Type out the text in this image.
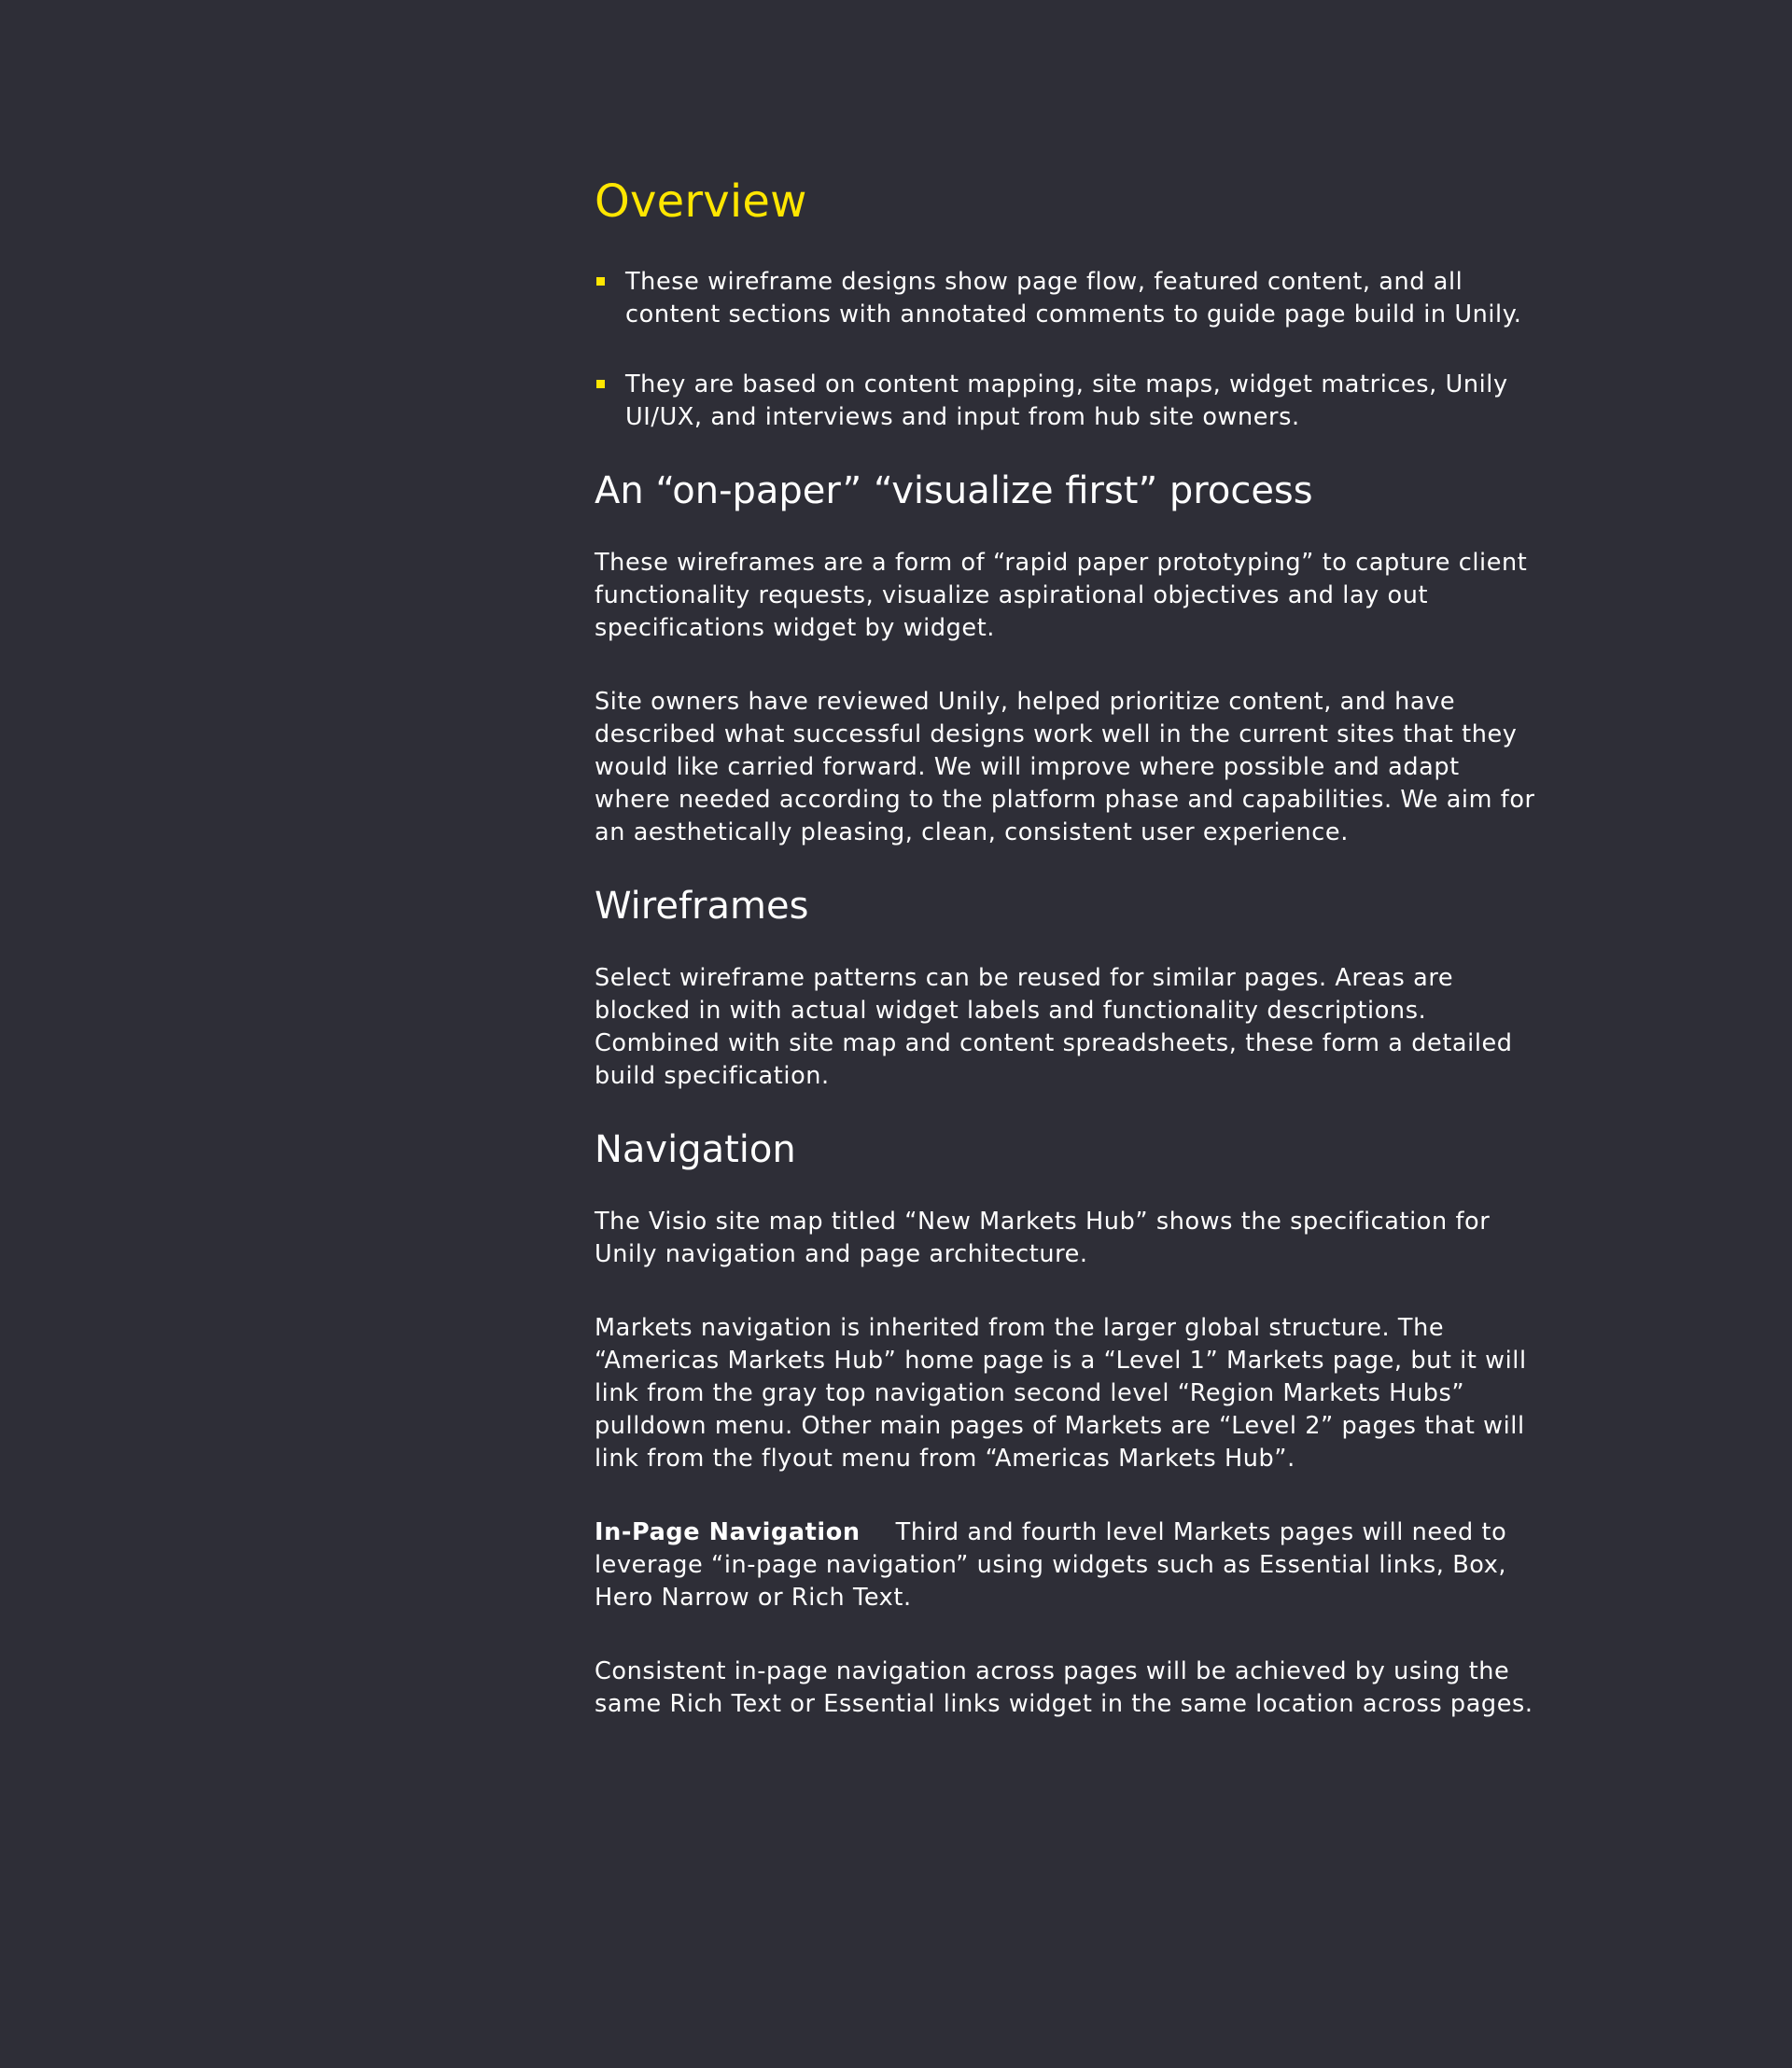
Overview
These wireframe designs show page flow, featured content, and all content sections with annotated comments to guide page build in Unily.
They are based on content mapping, site maps, widget matrices, Unily UI/UX, and interviews and input from hub site owners.
An “on-paper” “visualize first” process

These wireframes are a form of “rapid paper prototyping” to capture client functionality requests, visualize aspirational objectives and lay out specifications widget by widget.

Site owners have reviewed Unily, helped prioritize content, and have described what successful designs work well in the current sites that they would like carried forward. We will improve where possible and adapt where needed according to the platform phase and capabilities. We aim for an aesthetically pleasing, clean, consistent user experience.

Wireframes

Select wireframe patterns can be reused for similar pages. Areas are blocked in with actual widget labels and functionality descriptions. Combined with site map and content spreadsheets, these form a detailed build specification.

Navigation

The Visio site map titled “New Markets Hub” shows the specification for Unily navigation and page architecture.

Markets navigation is inherited from the larger global structure. The “Americas Markets Hub” home page is a “Level 1” Markets page, but it will link from the gray top navigation second level “Region Markets Hubs” pulldown menu. Other main pages of Markets are “Level 2” pages that will link from the flyout menu from “Americas Markets Hub”.

In-Page Navigation Third and fourth level Markets pages will need to leverage “in-page navigation” using widgets such as Essential links, Box, Hero Narrow or Rich Text.

Consistent in-page navigation across pages will be achieved by using the same Rich Text or Essential links widget in the same location across pages.
